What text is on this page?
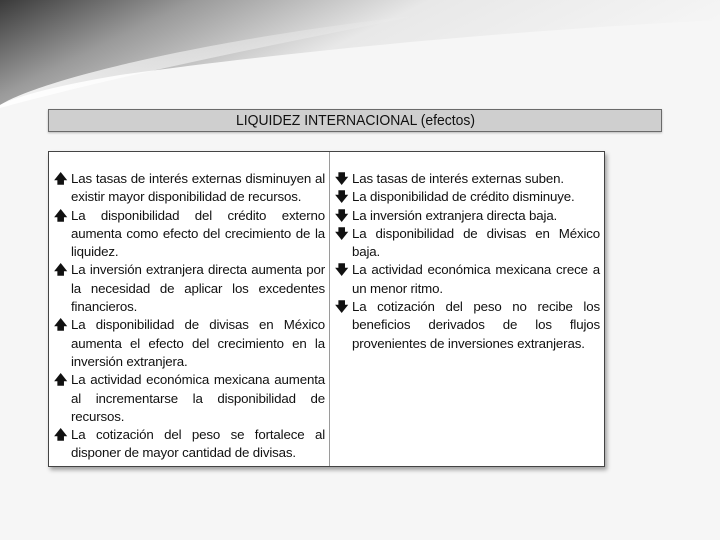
LIQUIDEZ INTERNACIONAL (efectos)
🡅 Las tasas de interés externas disminuyen al existir mayor disponibilidad de recursos.
🡅 La disponibilidad del crédito externo aumenta como efecto del crecimiento de la liquidez.
🡅 La inversión extranjera directa aumenta por la necesidad de aplicar los excedentes financieros.
🡅 La disponibilidad de divisas en México aumenta el efecto del crecimiento en la inversión extranjera.
🡅 La actividad económica mexicana aumenta al incrementarse la disponibilidad de recursos.
🡅 La cotización del peso se fortalece al disponer de mayor cantidad de divisas.
🡇 Las tasas de interés externas suben.
🡇 La disponibilidad de crédito disminuye.
🡇 La inversión extranjera directa baja.
🡇 La disponibilidad de divisas en México baja.
🡇 La actividad económica mexicana crece a un menor ritmo.
🡇 La cotización del peso no recibe los beneficios derivados de los flujos provenientes de inversiones extranjeras.
